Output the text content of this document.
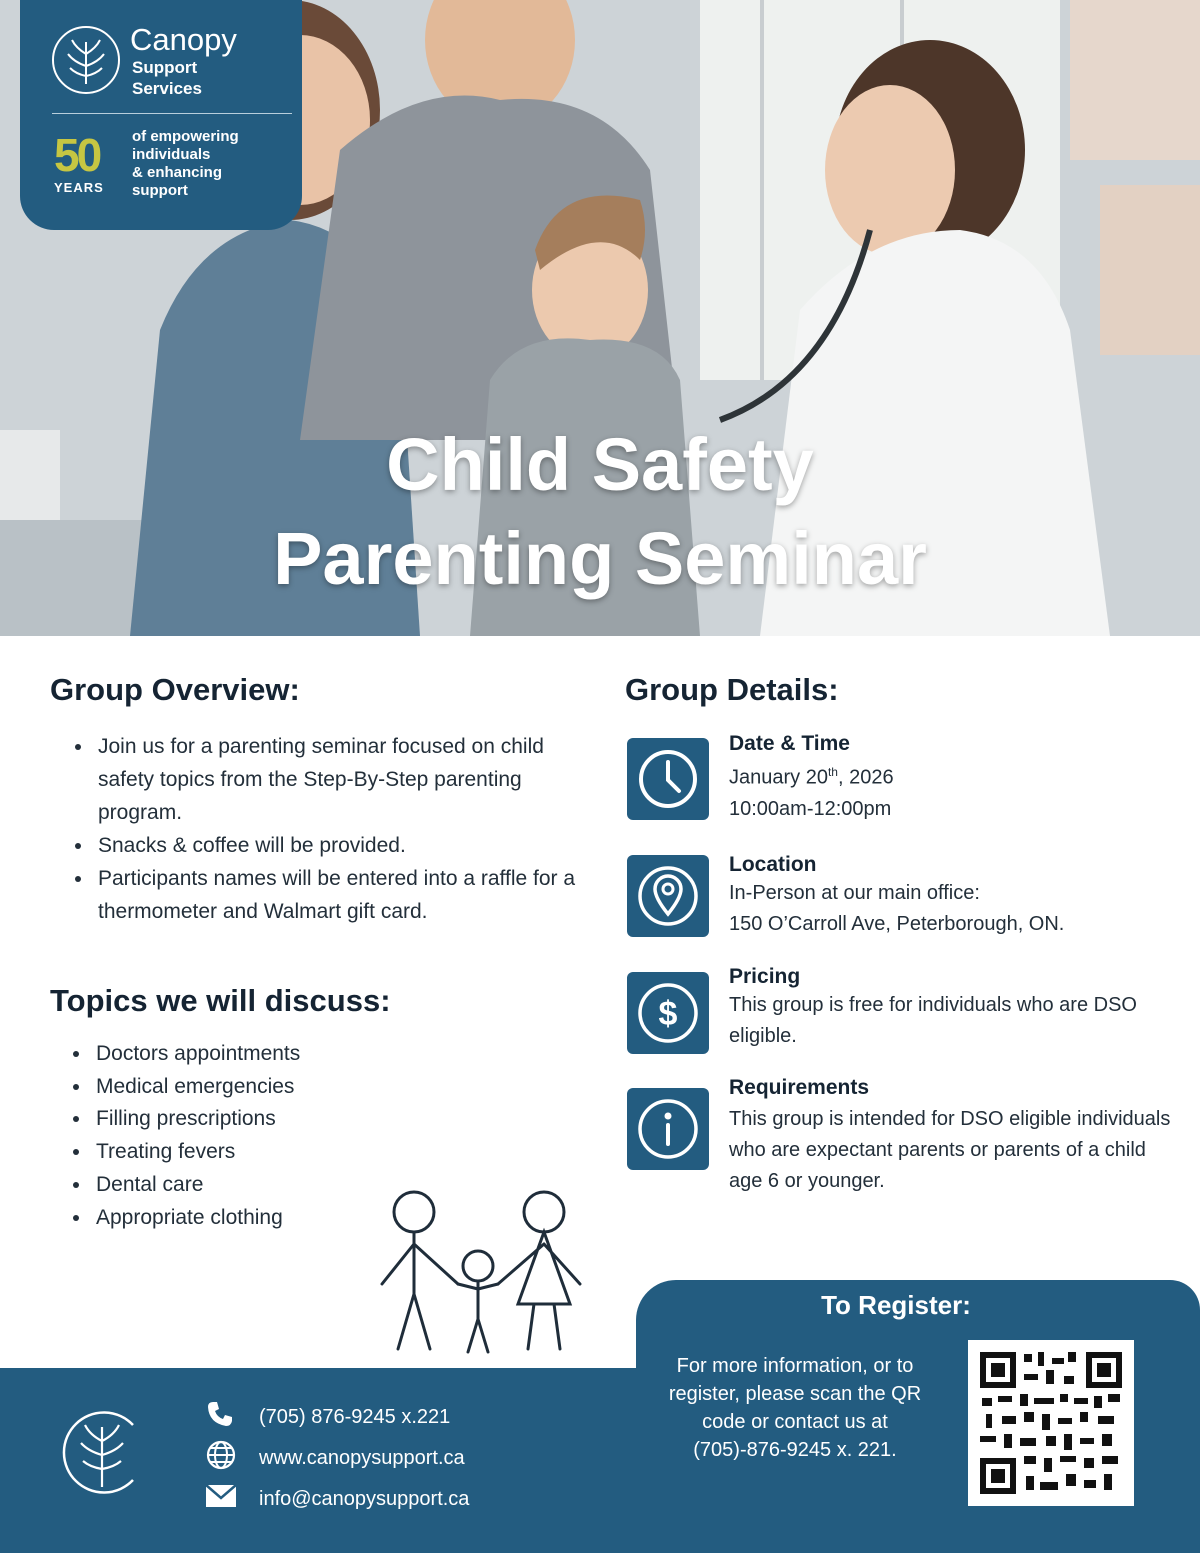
Canopy
Support
Services
50
YEARS
of empowering
individuals
& enhancing
support
Child Safety
Parenting Seminar
Group Overview:
• Join us for a parenting seminar focused on child safety topics from the Step-By-Step parenting program.
• Snacks & coffee will be provided.
• Participants names will be entered into a raffle for a thermometer and Walmart gift card.
Topics we will discuss:
• Doctors appointments
• Medical emergencies
• Filling prescriptions
• Treating fevers
• Dental care
• Appropriate clothing
Group Details:
Date & Time
January 20th, 2026
10:00am-12:00pm
Location
In-Person at our main office:
150 O’Carroll Ave, Peterborough, ON.
$
Pricing
This group is free for individuals who are DSO eligible.
Requirements
This group is intended for DSO eligible individuals who are expectant parents or parents of a child age 6 or younger.
To Register:
For more information, or to register, please scan the QR code or contact us at (705)-876-9245 x. 221.
(705) 876-9245 x.221
www.canopysupport.ca
info@canopysupport.ca
